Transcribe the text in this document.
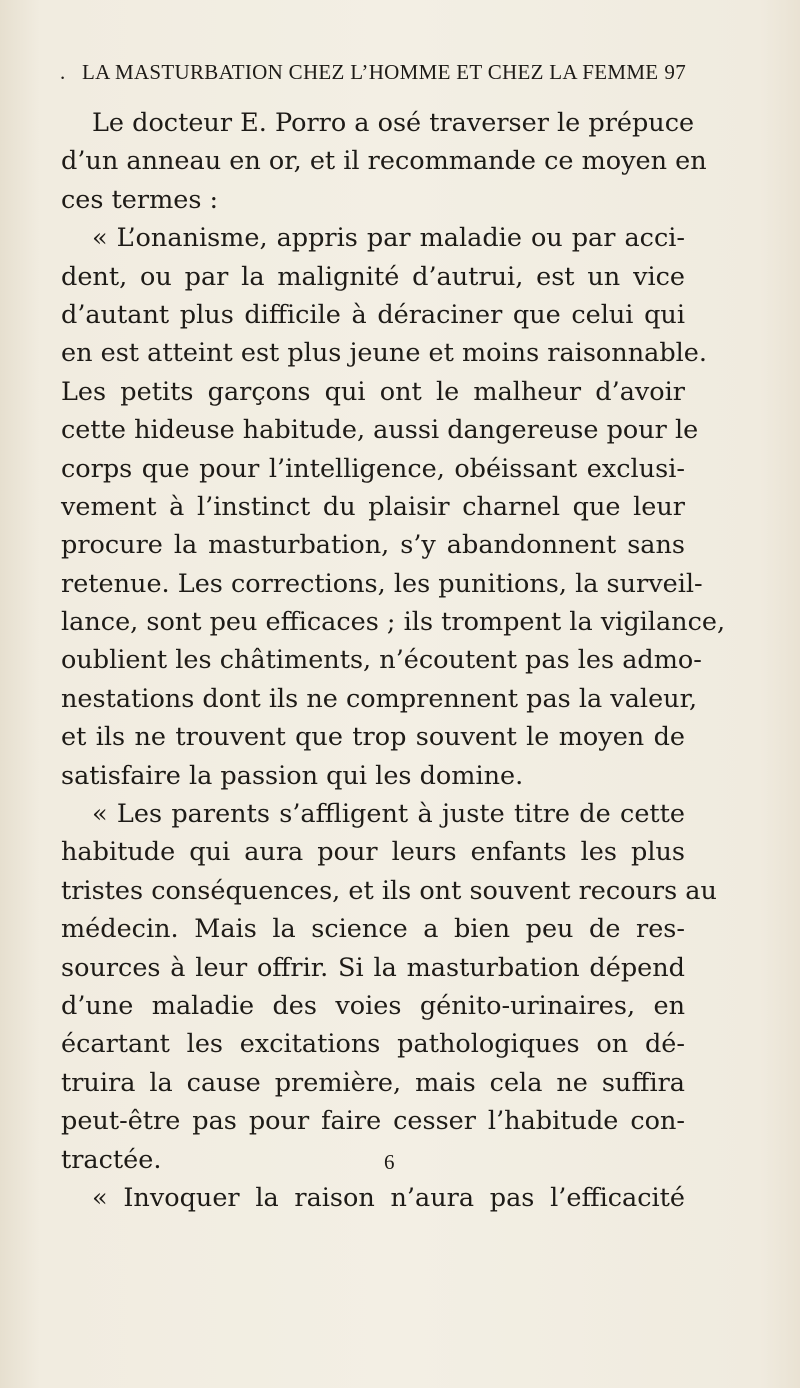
. LA MASTURBATION CHEZ L’HOMME ET CHEZ LA FEMME 97
Le docteur E. Porro a osé traverser le prépuce
d’un anneau en or, et il recommande ce moyen en
ces termes :
« L’onanisme, appris par maladie ou par acci-
dent, ou par la malignité d’autrui, est un vice
d’autant plus difficile à déraciner que celui qui
en est atteint est plus jeune et moins raisonnable.
Les petits garçons qui ont le malheur d’avoir
cette hideuse habitude, aussi dangereuse pour le
corps que pour l’intelligence, obéissant exclusi-
vement à l’instinct du plaisir charnel que leur
procure la masturbation, s’y abandonnent sans
retenue. Les corrections, les punitions, la surveil-
lance, sont peu efficaces ; ils trompent la vigilance,
oublient les châtiments, n’écoutent pas les admo-
nestations dont ils ne comprennent pas la valeur,
et ils ne trouvent que trop souvent le moyen de
satisfaire la passion qui les domine.
« Les parents s’affligent à juste titre de cette
habitude qui aura pour leurs enfants les plus
tristes conséquences, et ils ont souvent recours au
médecin. Mais la science a bien peu de res-
sources à leur offrir. Si la masturbation dépend
d’une maladie des voies génito-urinaires, en
écartant les excitations pathologiques on dé-
truira la cause première, mais cela ne suffira
peut-être pas pour faire cesser l’habitude con-
tractée.
« Invoquer la raison n’aura pas l’efficacité
6
